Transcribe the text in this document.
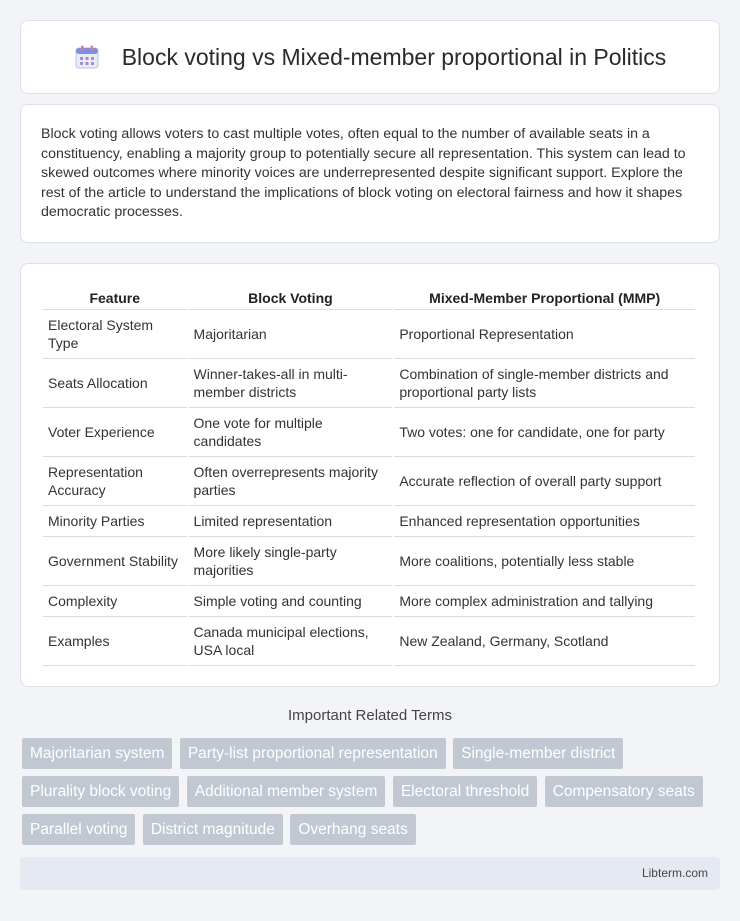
Block voting vs Mixed-member proportional in Politics

Block voting allows voters to cast multiple votes, often equal to the number of available seats in a constituency, enabling a majority group to potentially secure all representation. This system can lead to skewed outcomes where minority voices are underrepresented despite significant support. Explore the rest of the article to understand the implications of block voting on electoral fairness and how it shapes democratic processes.

Feature	Block Voting	Mixed-Member Proportional (MMP)
Electoral System Type	Majoritarian	Proportional Representation
Seats Allocation	Winner-takes-all in multi-member districts	Combination of single-member districts and proportional party lists
Voter Experience	One vote for multiple candidates	Two votes: one for candidate, one for party
Representation Accuracy	Often overrepresents majority parties	Accurate reflection of overall party support
Minority Parties	Limited representation	Enhanced representation opportunities
Government Stability	More likely single-party majorities	More coalitions, potentially less stable
Complexity	Simple voting and counting	More complex administration and tallying
Examples	Canada municipal elections, USA local	New Zealand, Germany, Scotland
Important Related Terms
Majoritarian system Party-list proportional representation Single-member district Plurality block voting Additional member system Electoral threshold Compensatory seats Parallel voting District magnitude Overhang seats
Libterm.com
